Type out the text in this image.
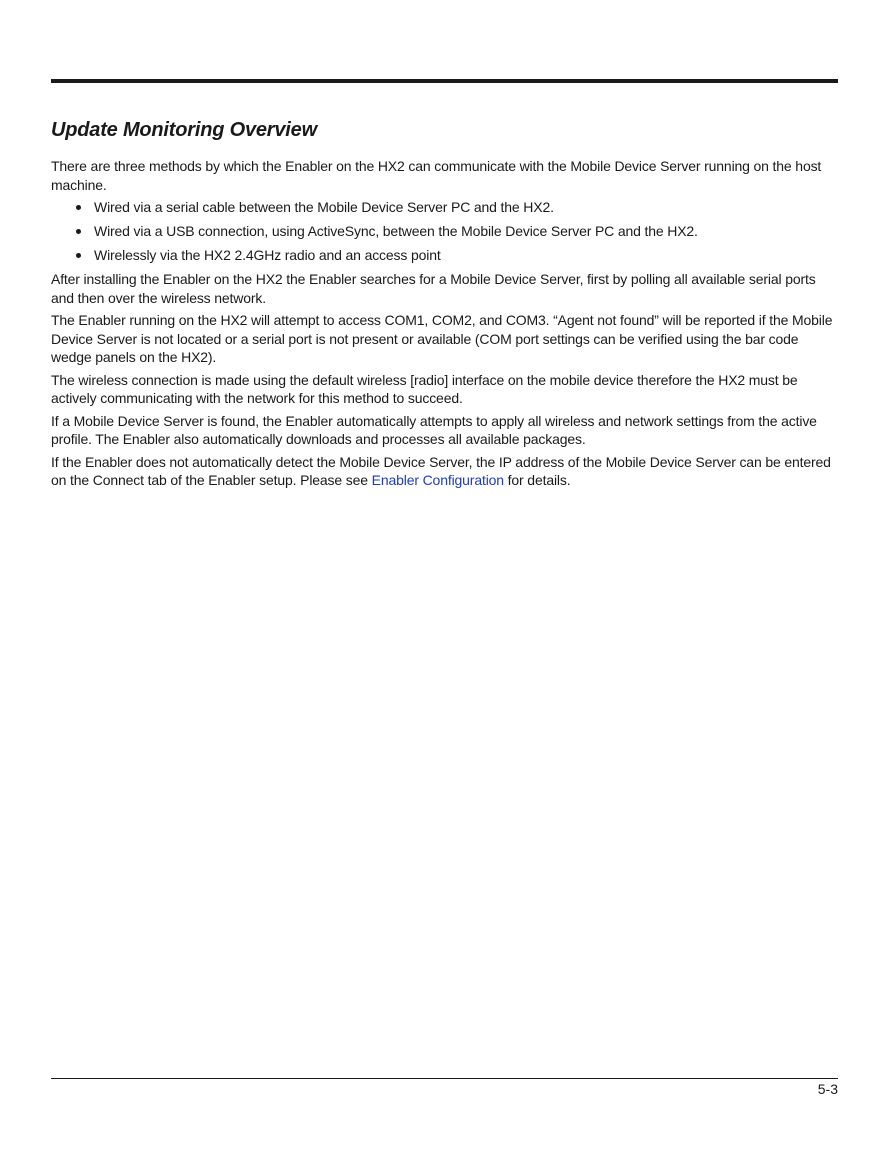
Update Monitoring Overview

There are three methods by which the Enabler on the HX2 can communicate with the Mobile Device Server running on the host machine.

Wired via a serial cable between the Mobile Device Server PC and the HX2.
Wired via a USB connection, using ActiveSync, between the Mobile Device Server PC and the HX2.
Wirelessly via the HX2 2.4GHz radio and an access point

After installing the Enabler on the HX2 the Enabler searches for a Mobile Device Server, first by polling all available serial ports and then over the wireless network.

The Enabler running on the HX2 will attempt to access COM1, COM2, and COM3. “Agent not found” will be reported if the Mobile Device Server is not located or a serial port is not present or available (COM port settings can be verified using the bar code wedge panels on the HX2).

The wireless connection is made using the default wireless [radio] interface on the mobile device therefore the HX2 must be actively communicating with the network for this method to succeed.

If a Mobile Device Server is found, the Enabler automatically attempts to apply all wireless and network settings from the active profile. The Enabler also automatically downloads and processes all available packages.

If the Enabler does not automatically detect the Mobile Device Server, the IP address of the Mobile Device Server can be entered on the Connect tab of the Enabler setup. Please see Enabler Configuration for details.

5-3
